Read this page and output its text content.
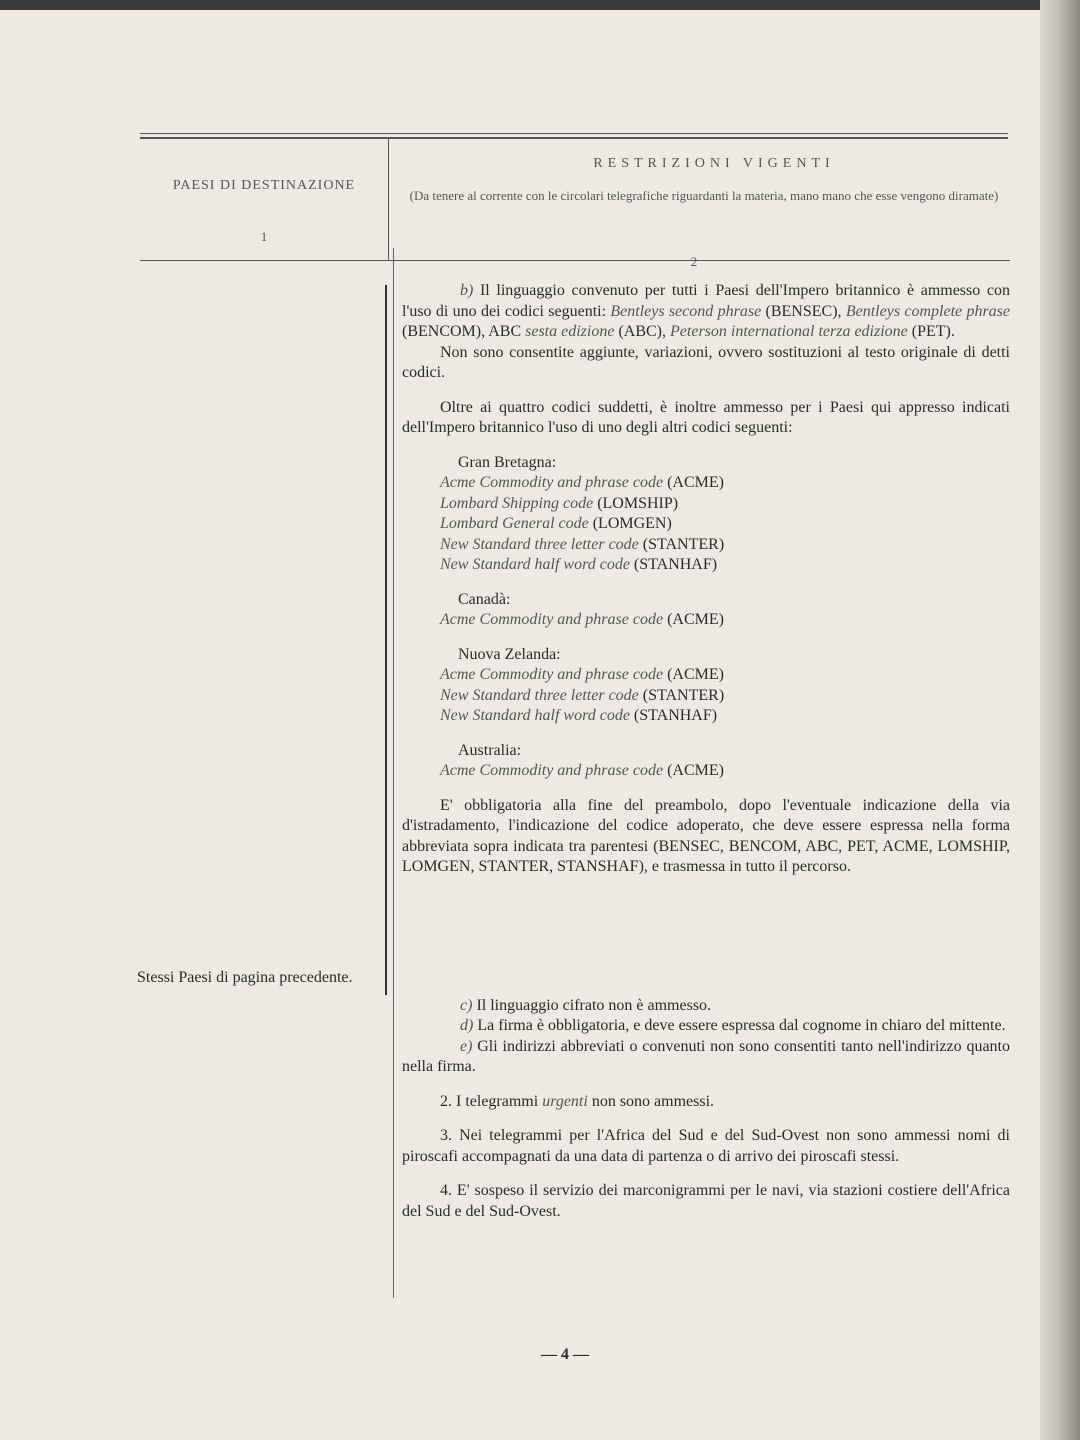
PAESI DI DESTINAZIONE
1
RESTRIZIONI VIGENTI
(Da tenere al corrente con le circolari telegrafiche riguardanti la materia, mano mano che esse vengono diramate)
2

b) Il linguaggio convenuto per tutti i Paesi dell'Impero britannico è ammesso con l'uso di uno dei codici seguenti: Bentleys second phrase (BENSEC), Bentleys complete phrase (BENCOM), ABC sesta edizione (ABC), Peterson international terza edizione (PET).

Non sono consentite aggiunte, variazioni, ovvero sostituzioni al testo originale di detti codici.

Oltre ai quattro codici suddetti, è inoltre ammesso per i Paesi qui appresso indicati dell'Impero britannico l'uso di uno degli altri codici seguenti:

Gran Bretagna:

Acme Commodity and phrase code (ACME)

Lombard Shipping code (LOMSHIP)

Lombard General code (LOMGEN)

New Standard three letter code (STANTER)

New Standard half word code (STANHAF)

Canadà:

Acme Commodity and phrase code (ACME)

Nuova Zelanda:

Acme Commodity and phrase code (ACME)

New Standard three letter code (STANTER)

New Standard half word code (STANHAF)

Australia:

Acme Commodity and phrase code (ACME)

E' obbligatoria alla fine del preambolo, dopo l'eventuale indicazione della via d'istradamento, l'indicazione del codice adoperato, che deve essere espressa nella forma abbreviata sopra indicata tra parentesi (BENSEC, BENCOM, ABC, PET, ACME, LOMSHIP, LOMGEN, STANTER, STANSHAF), e trasmessa in tutto il percorso.

c) Il linguaggio cifrato non è ammesso.

d) La firma è obbligatoria, e deve essere espressa dal cognome in chiaro del mittente.

e) Gli indirizzi abbreviati o convenuti non sono consentiti tanto nell'indirizzo quanto nella firma.

2. I telegrammi urgenti non sono ammessi.

3. Nei telegrammi per l'Africa del Sud e del Sud-Ovest non sono ammessi nomi di piroscafi accompagnati da una data di partenza o di arrivo dei piroscafi stessi.

4. E' sospeso il servizio dei marconigrammi per le navi, via stazioni costiere dell'Africa del Sud e del Sud-Ovest.

Stessi Paesi di pagina precedente.
— 4 —
